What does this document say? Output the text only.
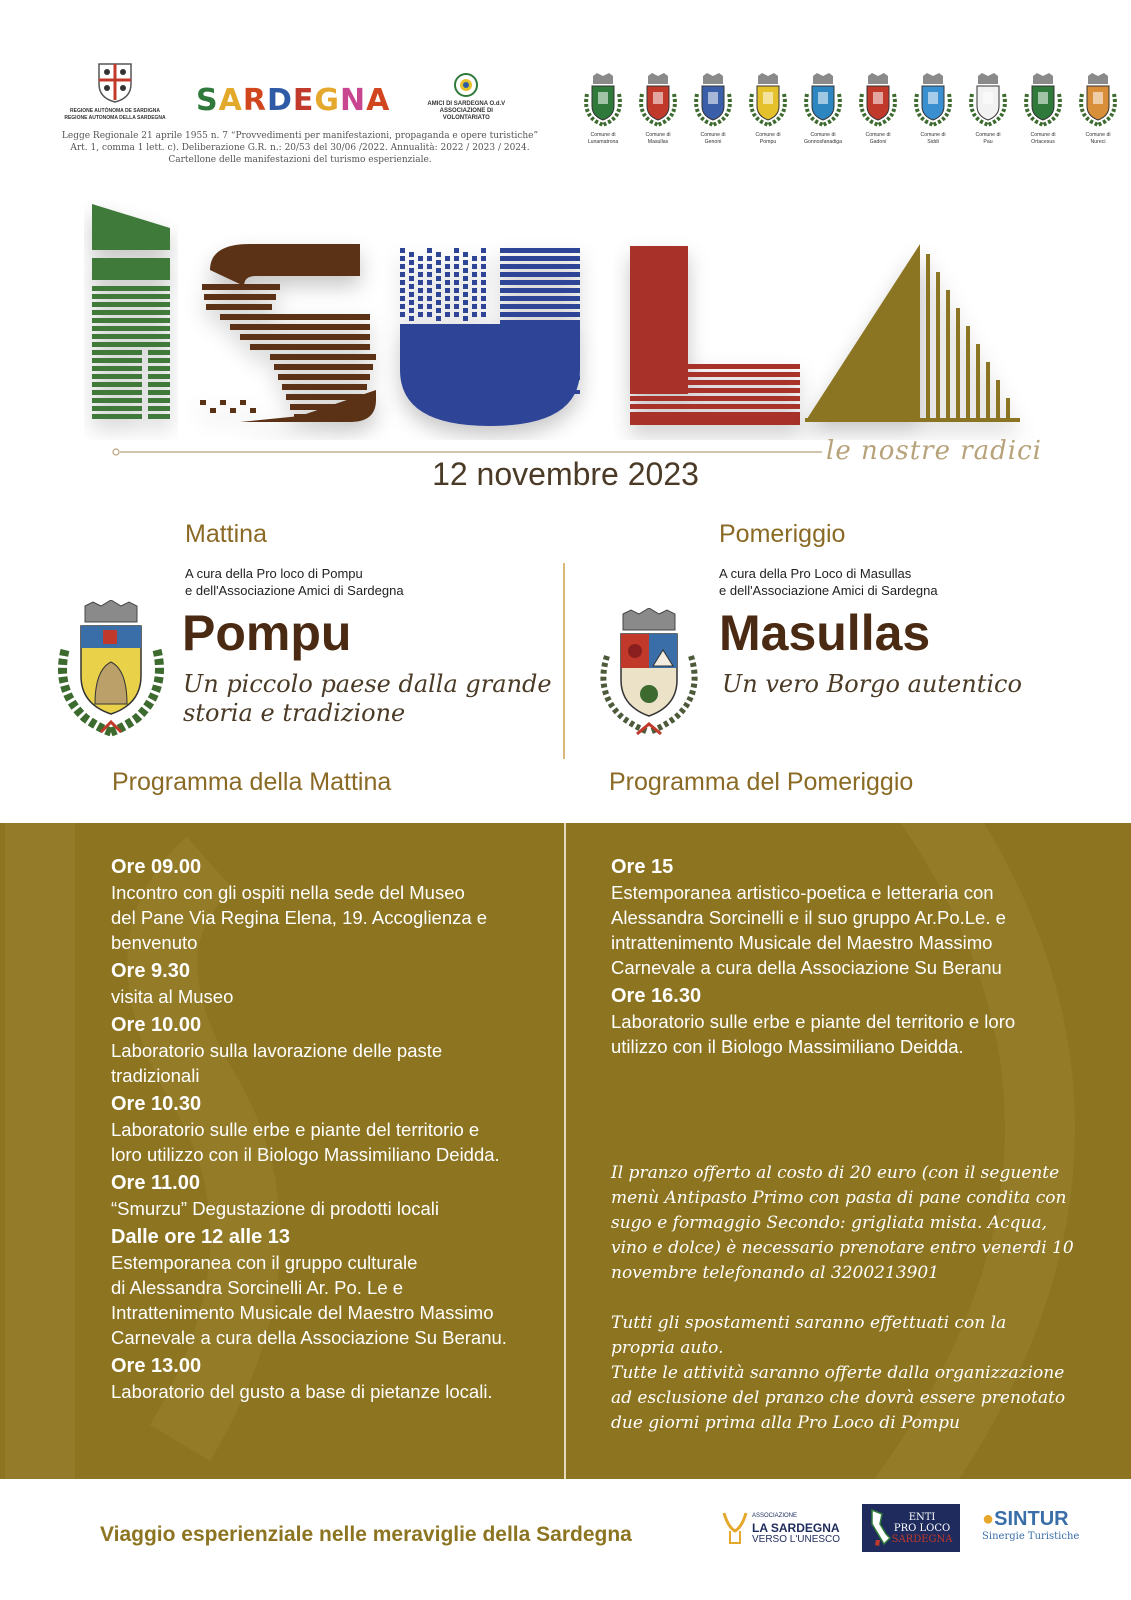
REGIONE AUTÒNOMA DE SARDIGNA
REGIONE AUTONOMA DELLA SARDEGNA SARDEGNA	AMICI DI SARDEGNA O.d.V
ASSOCIAZIONE DI VOLONTARIATO
Legge Regionale 21 aprile 1955 n. 7 “Provvedimenti per manifestazioni, propaganda e opere turistiche”
Art. 1, comma 1 lett. c). Deliberazione G.R. n.: 20/53 del 30/06 /2022. Annualità: 2022 / 2023 / 2024.
Cartellone delle manifestazioni del turismo esperienziale.
Comune di
Lunamatrona
Comune di
Masullas
Comune di
Genoni
Comune di
Pompu
Comune di
Gonnosfanadiga
Comune di
Gadoni
Comune di
Siddi
Comune di
Pau
Comune di
Ortacesus
Comune di
Nureci
le nostre radici
12 novembre 2023
Mattina
A cura della Pro loco di Pompu
e dell'Associazione Amici di Sardegna
Pompu
Un piccolo paese dalla grande
storia e tradizione
Pomeriggio
A cura della Pro Loco di Masullas
e dell'Associazione Amici di Sardegna
Masullas
Un vero Borgo autentico
Programma della Mattina	Programma del Pomeriggio
Ore 09.00
Incontro con gli ospiti nella sede del Museo
del Pane Via Regina Elena, 19. Accoglienza e
benvenuto
Ore 9.30
visita al Museo
Ore 10.00
Laboratorio sulla lavorazione delle paste
tradizionali
Ore 10.30
Laboratorio sulle erbe e piante del territorio e
loro utilizzo con il Biologo Massimiliano Deidda.
Ore 11.00
“Smurzu” Degustazione di prodotti locali
Dalle ore 12 alle 13
Estemporanea con il gruppo culturale
di Alessandra Sorcinelli Ar. Po. Le e
Intrattenimento Musicale del Maestro Massimo
Carnevale a cura della Associazione Su Beranu.
Ore 13.00
Laboratorio del gusto a base di pietanze locali.
Ore 15
Estemporanea artistico-poetica e letteraria con
Alessandra Sorcinelli e il suo gruppo Ar.Po.Le. e
intrattenimento Musicale del Maestro Massimo
Carnevale a cura della Associazione Su Beranu
Ore 16.30
Laboratorio sulle erbe e piante del territorio e loro
utilizzo con il Biologo Massimiliano Deidda.

Il pranzo offerto al costo di 20 euro (con il seguente
menù Antipasto Primo con pasta di pane condita con
sugo e formaggio Secondo: grigliata mista. Acqua,
vino e dolce) è necessario prenotare entro venerdi 10
novembre telefonando al 3200213901

Tutti gli spostamenti saranno effettuati con la
propria auto.
Tutte le attività saranno offerte dalla organizzazione
ad esclusione del pranzo che dovrà essere prenotato
due giorni prima alla Pro Loco di Pompu

Viaggio esperienziale nelle meraviglie della Sardegna
ASSOCIAZIONE
LA SARDEGNA
VERSO L'UNESCO
ENTI
PRO LOCO
SARDEGNA
●SINTUR
Sinergie Turistiche
